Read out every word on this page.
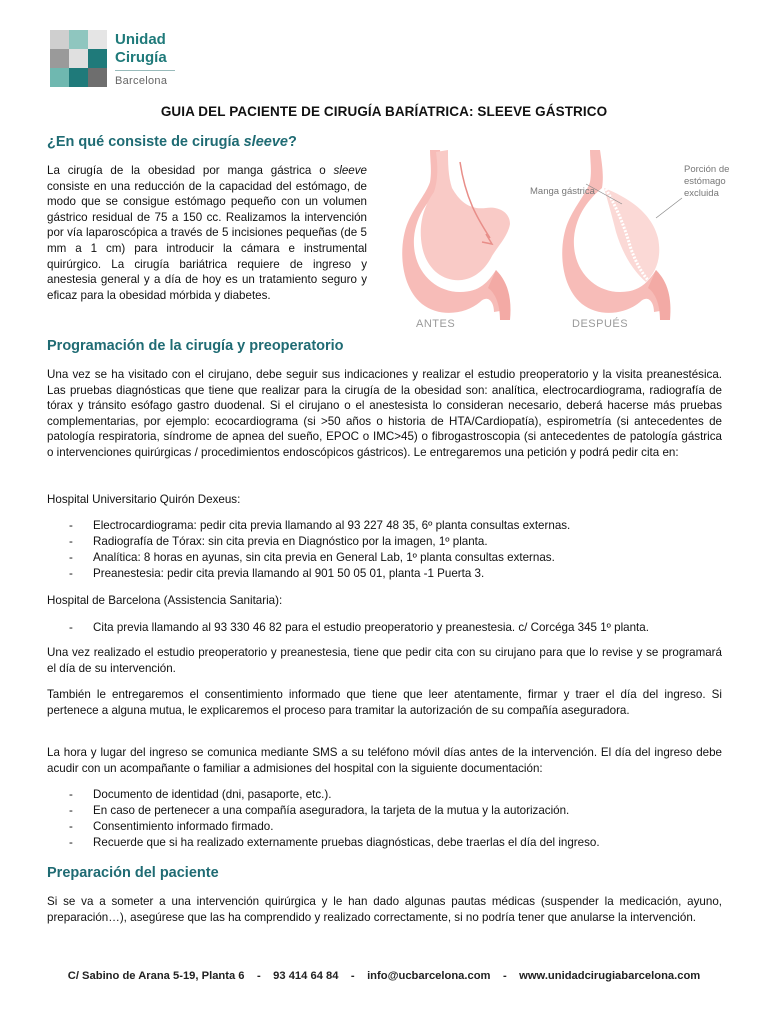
Unidad
Cirugía
Barcelona
GUIA DEL PACIENTE DE CIRUGÍA BARÍATRICA: SLEEVE GÁSTRICO
¿En qué consiste de cirugía sleeve?

La cirugía de la obesidad por manga gástrica o sleeve consiste en una reducción de la capacidad del estómago, de modo que se consigue estómago pequeño con un volumen gástrico residual de 75 a 150 cc. Realizamos la intervención por vía laparoscópica a través de 5 incisiones pequeñas (de 5 mm a 1 cm) para introducir la cámara e instrumental quirúrgico. La cirugía bariátrica requiere de ingreso y anestesia general y a día de hoy es un tratamiento seguro y eficaz para la obesidad mórbida y diabetes.

Manga gástrica
Porción de estómago excluida
ANTES	DESPUÉS
Programación de la cirugía y preoperatorio

Una vez se ha visitado con el cirujano, debe seguir sus indicaciones y realizar el estudio preoperatorio y la visita preanestésica. Las pruebas diagnósticas que tiene que realizar para la cirugía de la obesidad son: analítica, electrocardiograma, radiografía de tórax y tránsito esófago gastro duodenal. Si el cirujano o el anestesista lo consideran necesario, deberá hacerse más pruebas complementarias, por ejemplo: ecocardiograma (si >50 años o historia de HTA/Cardiopatía), espirometría (si antecedentes de patología respiratoria, síndrome de apnea del sueño, EPOC o IMC>45) o fibrogastroscopia (si antecedentes de patología gástrica o intervenciones quirúrgicas / procedimientos endoscópicos gástricos). Le entregaremos una petición y podrá pedir cita en:

Hospital Universitario Quirón Dexeus:
- Electrocardiograma: pedir cita previa llamando al 93 227 48 35, 6º planta consultas externas.
- Radiografía de Tórax: sin cita previa en Diagnóstico por la imagen, 1º planta.
- Analítica: 8 horas en ayunas, sin cita previa en General Lab, 1º planta consultas externas.
- Preanestesia: pedir cita previa llamando al 901 50 05 01, planta -1 Puerta 3.
Hospital de Barcelona (Assistencia Sanitaria):
- Cita previa llamando al 93 330 46 82 para el estudio preoperatorio y preanestesia. c/ Corcéga 345 1º planta.

Una vez realizado el estudio preoperatorio y preanestesia, tiene que pedir cita con su cirujano para que lo revise y se programará el día de su intervención.

También le entregaremos el consentimiento informado que tiene que leer atentamente, firmar y traer el día del ingreso. Si pertenece a alguna mutua, le explicaremos el proceso para tramitar la autorización de su compañía aseguradora.

La hora y lugar del ingreso se comunica mediante SMS a su teléfono móvil días antes de la intervención. El día del ingreso debe acudir con un acompañante o familiar a admisiones del hospital con la siguiente documentación:

- Documento de identidad (dni, pasaporte, etc.).
- En caso de pertenecer a una compañía aseguradora, la tarjeta de la mutua y la autorización.
- Consentimiento informado firmado.
- Recuerde que si ha realizado externamente pruebas diagnósticas, debe traerlas el día del ingreso.
Preparación del paciente

Si se va a someter a una intervención quirúrgica y le han dado algunas pautas médicas (suspender la medicación, ayuno, preparación…), asegúrese que las ha comprendido y realizado correctamente, si no podría tener que anularse la intervención.

C/ Sabino de Arana 5-19, Planta 6 - 93 414 64 84 - info@ucbarcelona.com - www.unidadcirugiabarcelona.com
